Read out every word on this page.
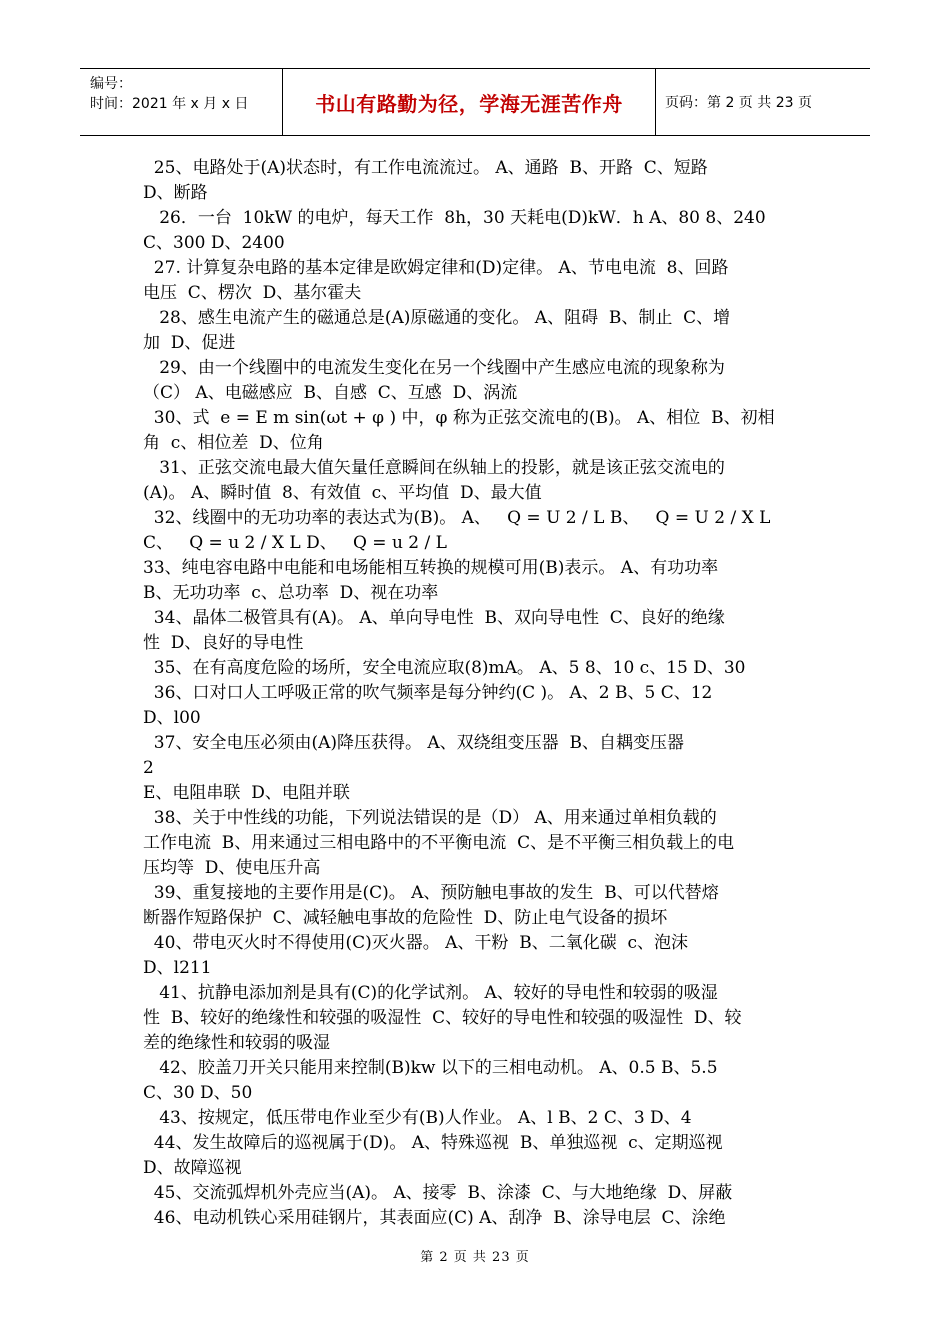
编号：
时间：2021 年 x 月 x 日	书山有路勤为径，学海无涯苦作舟	页码：第 2 页 共 23 页
25、电路处于(A)状态时，有工作电流流过。 A、通路  B、开路  C、短路
D、断路
26．一台  10kW 的电炉，每天工作  8h，30 天耗电(D)kW．h A、80 8、240
C、300 D、2400
27. 计算复杂电路的基本定律是欧姆定律和(D)定律。 A、节电电流  8、回路
电压  C、楞次  D、基尔霍夫
28、感生电流产生的磁通总是(A)原磁通的变化。 A、阻碍  B、制止  C、增
加  D、促进
29、由一个线圈中的电流发生变化在另一个线圈中产生感应电流的现象称为
（C） A、电磁感应  B、自感  C、互感  D、涡流
30、式  e = E m sin(ωt + φ ) 中，φ 称为正弦交流电的(B)。 A、相位  B、初相
角  c、相位差  D、位角
31、正弦交流电最大值矢量任意瞬间在纵轴上的投影，就是该正弦交流电的
(A)。 A、瞬时值  8、有效值  c、平均值  D、最大值
32、线圈中的无功功率的表达式为(B)。 A、   Q = U 2 / L B、   Q = U 2 / X L
C、   Q = u 2 / X L D、   Q = u 2 / L
33、纯电容电路中电能和电场能相互转换的规模可用(B)表示。 A、有功功率
B、无功功率  c、总功率  D、视在功率
34、晶体二极管具有(A)。 A、单向导电性  B、双向导电性  C、良好的绝缘
性  D、良好的导电性
35、在有高度危险的场所，安全电流应取(8)mA。 A、5 8、10 c、15 D、30
36、口对口人工呼吸正常的吹气频率是每分钟约(C )。 A、2 B、5 C、12
D、l00
37、安全电压必须由(A)降压获得。 A、双绕组变压器  B、自耦变压器
2
E、电阻串联  D、电阻并联
38、关于中性线的功能，下列说法错误的是（D） A、用来通过单相负载的
工作电流  B、用来通过三相电路中的不平衡电流  C、是不平衡三相负载上的电
压均等  D、使电压升高
39、重复接地的主要作用是(C)。 A、预防触电事故的发生  B、可以代替熔
断器作短路保护  C、减轻触电事故的危险性  D、防止电气设备的损坏
40、带电灭火时不得使用(C)灭火器。 A、干粉  B、二氧化碳  c、泡沫
D、l211
41、抗静电添加剂是具有(C)的化学试剂。 A、较好的导电性和较弱的吸湿
性  B、较好的绝缘性和较强的吸湿性  C、较好的导电性和较强的吸湿性  D、较
差的绝缘性和较弱的吸湿
42、胶盖刀开关只能用来控制(B)kw 以下的三相电动机。 A、0.5 B、5.5
C、30 D、50
43、按规定，低压带电作业至少有(B)人作业。 A、l B、2 C、3 D、4
44、发生故障后的巡视属于(D)。 A、特殊巡视  B、单独巡视  c、定期巡视
D、故障巡视
45、交流弧焊机外壳应当(A)。 A、接零  B、涂漆  C、与大地绝缘  D、屏蔽
46、电动机铁心采用硅钢片，其表面应(C) A、刮净  B、涂导电层  C、涂绝
第 2 页 共 23 页
